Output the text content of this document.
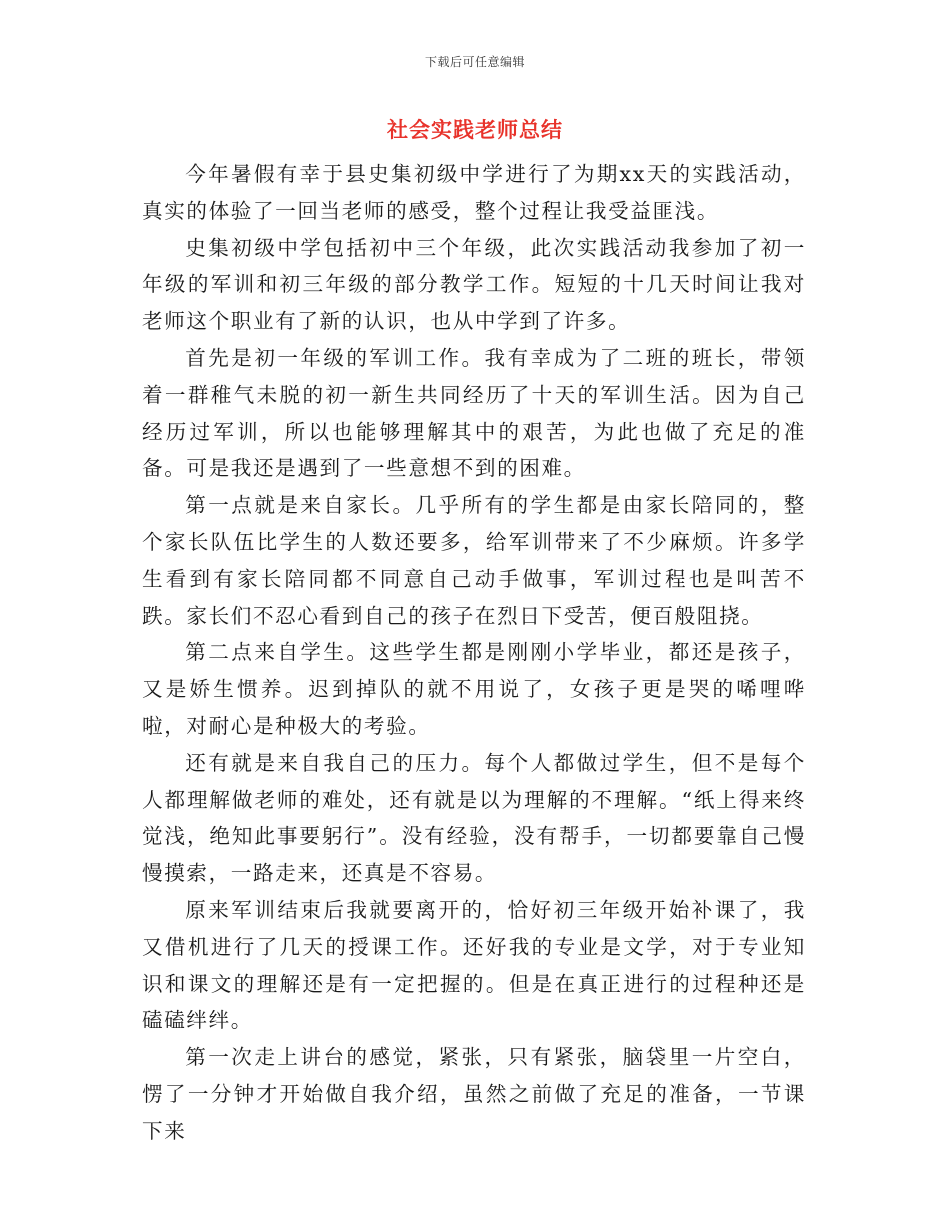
下载后可任意编辑
社会实践老师总结

今年暑假有幸于县史集初级中学进行了为期xx天的实践活动，真实的体验了一回当老师的感受，整个过程让我受益匪浅。

史集初级中学包括初中三个年级，此次实践活动我参加了初一年级的军训和初三年级的部分教学工作。短短的十几天时间让我对老师这个职业有了新的认识，也从中学到了许多。

首先是初一年级的军训工作。我有幸成为了二班的班长，带领着一群稚气未脱的初一新生共同经历了十天的军训生活。因为自己经历过军训，所以也能够理解其中的艰苦，为此也做了充足的准备。可是我还是遇到了一些意想不到的困难。

第一点就是来自家长。几乎所有的学生都是由家长陪同的，整个家长队伍比学生的人数还要多，给军训带来了不少麻烦。许多学生看到有家长陪同都不同意自己动手做事，军训过程也是叫苦不跌。家长们不忍心看到自己的孩子在烈日下受苦，便百般阻挠。

第二点来自学生。这些学生都是刚刚小学毕业，都还是孩子，又是娇生惯养。迟到掉队的就不用说了，女孩子更是哭的唏哩哗啦，对耐心是种极大的考验。

还有就是来自我自己的压力。每个人都做过学生，但不是每个人都理解做老师的难处，还有就是以为理解的不理解。“纸上得来终觉浅，绝知此事要躬行”。没有经验，没有帮手，一切都要靠自己慢慢摸索，一路走来，还真是不容易。

原来军训结束后我就要离开的，恰好初三年级开始补课了，我又借机进行了几天的授课工作。还好我的专业是文学，对于专业知识和课文的理解还是有一定把握的。但是在真正进行的过程种还是磕磕绊绊。

第一次走上讲台的感觉，紧张，只有紧张，脑袋里一片空白，愣了一分钟才开始做自我介绍，虽然之前做了充足的准备，一节课下来
